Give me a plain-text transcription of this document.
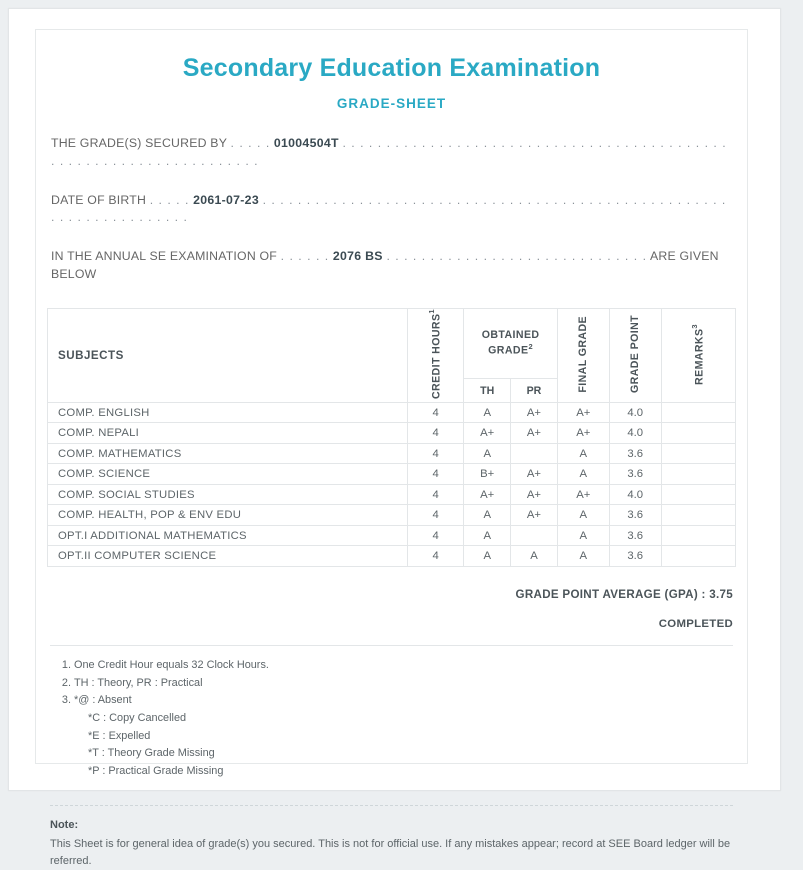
Secondary Education Examination
GRADE-SHEET
THE GRADE(S) SECURED BY . . . . . 01004504T . . . . . . . . . . . . . . . . . . . . . . . . . . . . . . . . . . . . . . . . . . . . . . . . . . . . . . . . . . . . . . . . . . . .
DATE OF BIRTH . . . . . 2061-07-23 . . . . . . . . . . . . . . . . . . . . . . . . . . . . . . . . . . . . . . . . . . . . . . . . . . . . . . . . . . . . . . . . . . . . .
IN THE ANNUAL SE EXAMINATION OF . . . . . . 2076 BS . . . . . . . . . . . . . . . . . . . . . . . . . . . . . . ARE GIVEN BELOW
SUBJECTS	CREDIT HOURS$^1$	OBTAINED GRADE$^2$		FINAL GRADE	GRADE POINT	REMARKS$^3$
		TH	PR			
COMP. ENGLISH	4	A	A+	A+	4.0	
COMP. NEPALI	4	A+	A+	A+	4.0	
COMP. MATHEMATICS	4	A		A	3.6	
COMP. SCIENCE	4	B+	A+	A	3.6	
COMP. SOCIAL STUDIES	4	A+	A+	A+	4.0	
COMP. HEALTH, POP & ENV EDU	4	A	A+	A	3.6	
OPT.I ADDITIONAL MATHEMATICS	4	A		A	3.6	
OPT.II COMPUTER SCIENCE	4	A	A	A	3.6	
GRADE POINT AVERAGE (GPA) : 3.75
COMPLETED
1. One Credit Hour equals 32 Clock Hours.
2. TH : Theory, PR : Practical
3. *@ : Absent
*C : Copy Cancelled
*E : Expelled
*T : Theory Grade Missing
*P : Practical Grade Missing
Note:
This Sheet is for general idea of grade(s) you secured. This is not for official use. If any mistakes appear; record at SEE Board ledger will be referred.
